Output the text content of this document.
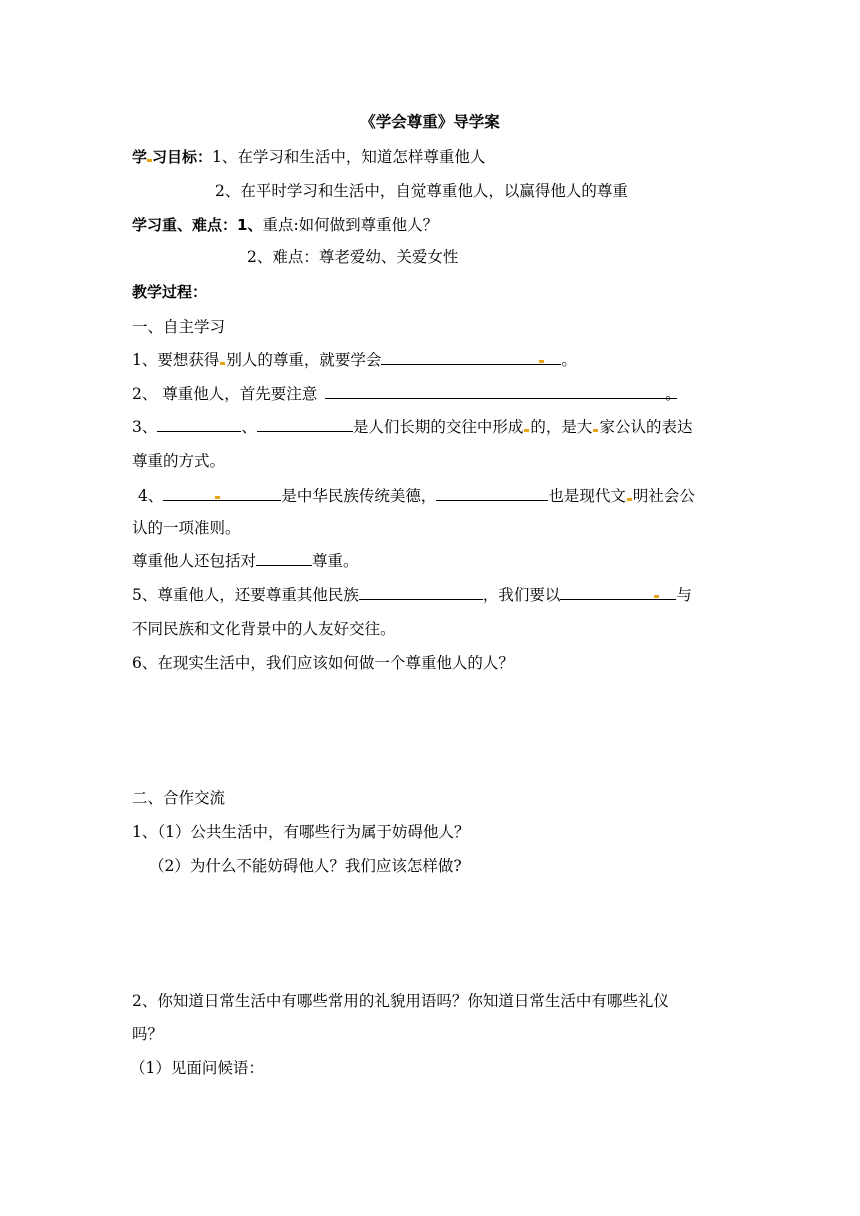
《学会尊重》导学案
学 习目标：1、在学习和生活中，知道怎样尊重他人
2、在平时学习和生活中，自觉尊重他人，以赢得他人的尊重
学习重、难点：1、重点:如何做到尊重他人？
2、难点：尊老爱幼、关爱女性
教学过程：
一、自主学习
1、要想获得 别人的尊重，就要学会	。
2、 尊重他人，首先要注意	。
3、	、	是人们长期的交往中形成 的，是大 家公认的表达
尊重的方式。
4、	是中华民族传统美德，	也是现代文 明社会公
认的一项准则。
尊重他人还包括对	尊重。
5、尊重他人，还要尊重其他民族	，我们要以	与
不同民族和文化背景中的人友好交往。
6、在现实生活中，我们应该如何做一个尊重他人的人？
二、合作交流
1、（1）公共生活中，有哪些行为属于妨碍他人？
（2）为什么不能妨碍他人？我们应该怎样做?
2、你知道日常生活中有哪些常用的礼貌用语吗？你知道日常生活中有哪些礼仪
吗？
（1）见面问候语：
